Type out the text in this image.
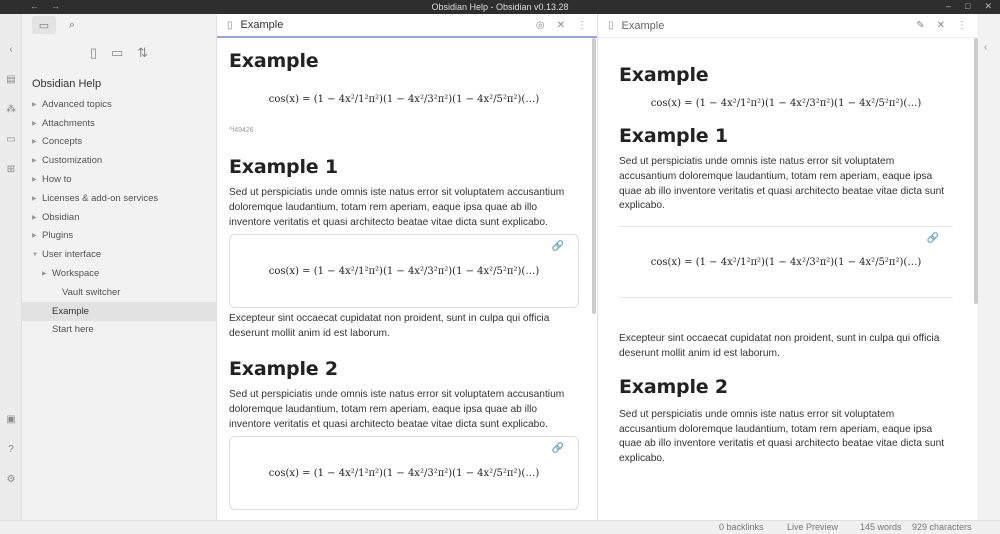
←→	Obsidian Help - Obsidian v0.13.28	– □ ✕
‹
▤
⁂
▭
⊞
▣
?
⚙
▭	⌕
▯ ▭ ⇅
Obsidian Help
▶ Advanced topics
▶ Attachments
▶ Concepts
▶ Customization
▶ How to
▶ Licenses & add-on services
▶ Obsidian
▶ Plugins
▼ User interface
▶ Workspace
Vault switcher
Example
Start here
▯ Example	◎ ✕ ⋮
Example
cos(x) = (1 − 4x²/1²π²)(1 − 4x²/3²π²)(1 − 4x²/5²π²)(…)
^f49426
Example 1

Sed ut perspiciatis unde omnis iste natus error sit voluptatem accusantium doloremque laudantium, totam rem aperiam, eaque ipsa quae ab illo inventore veritatis et quasi architecto beatae vitae dicta sunt explicabo.

🔗
cos(x) = (1 − 4x²/1²π²)(1 − 4x²/3²π²)(1 − 4x²/5²π²)(…)

Excepteur sint occaecat cupidatat non proident, sunt in culpa qui officia deserunt mollit anim id est laborum.

Example 2

Sed ut perspiciatis unde omnis iste natus error sit voluptatem accusantium doloremque laudantium, totam rem aperiam, eaque ipsa quae ab illo inventore veritatis et quasi architecto beatae vitae dicta sunt explicabo.

🔗
cos(x) = (1 − 4x²/1²π²)(1 − 4x²/3²π²)(1 − 4x²/5²π²)(…)
▯ Example	✎ ✕ ⋮
Example
cos(x) = (1 − 4x²/1²π²)(1 − 4x²/3²π²)(1 − 4x²/5²π²)(…)
Example 1

Sed ut perspiciatis unde omnis iste natus error sit voluptatem accusantium doloremque laudantium, totam rem aperiam, eaque ipsa quae ab illo inventore veritatis et quasi architecto beatae vitae dicta sunt explicabo.

🔗
cos(x) = (1 − 4x²/1²π²)(1 − 4x²/3²π²)(1 − 4x²/5²π²)(…)

Excepteur sint occaecat cupidatat non proident, sunt in culpa qui officia deserunt mollit anim id est laborum.

Example 2

Sed ut perspiciatis unde omnis iste natus error sit voluptatem accusantium doloremque laudantium, totam rem aperiam, eaque ipsa quae ab illo inventore veritatis et quasi architecto beatae vitae dicta sunt explicabo.

‹
0 backlinks	Live Preview 145 words 929 characters
